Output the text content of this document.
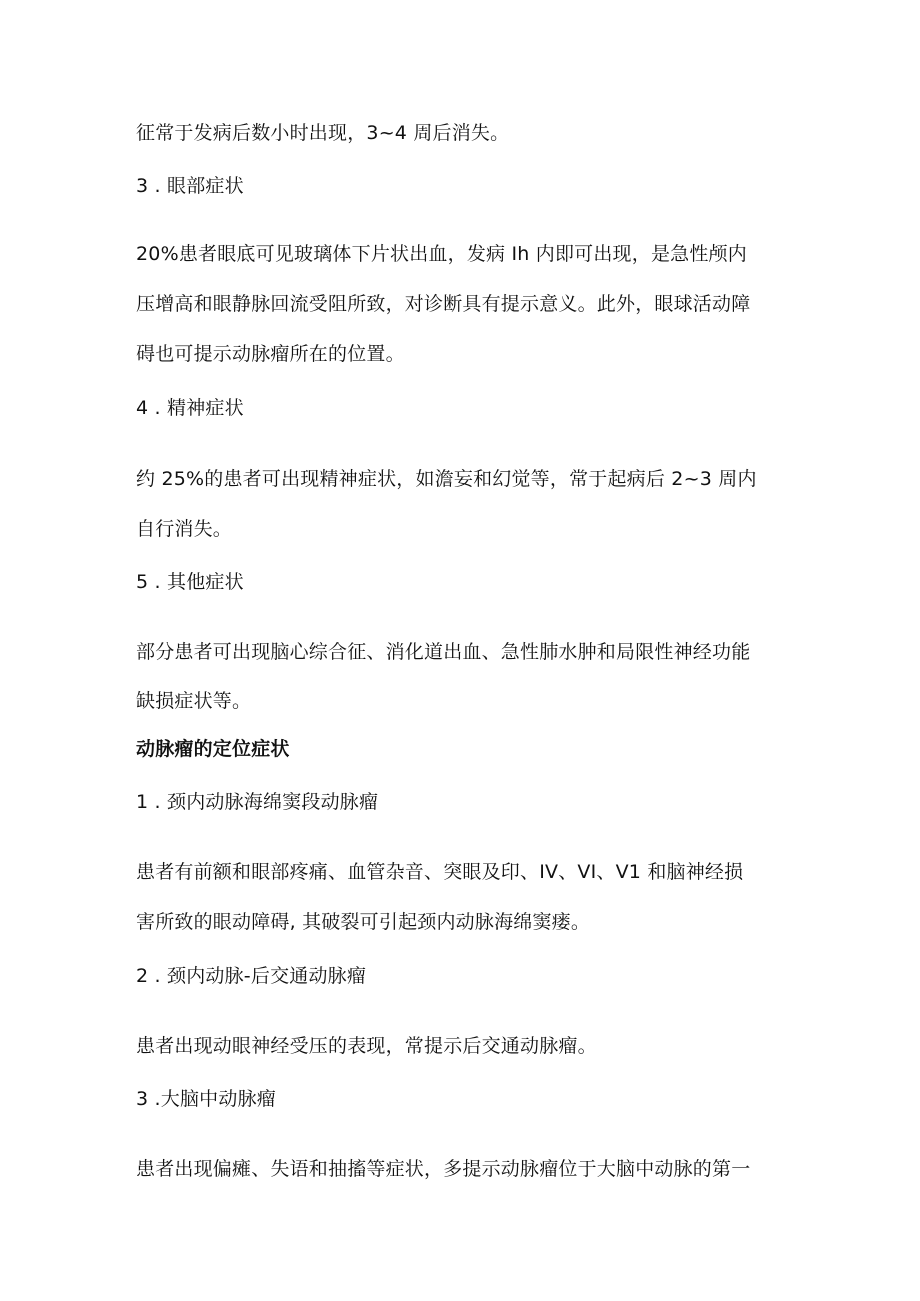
征常于发病后数小时出现，3~4 周后消失。

3 . 眼部症状

20%患者眼底可见玻璃体下片状出血，发病 Ih 内即可出现，是急性颅内

压增高和眼静脉回流受阻所致，对诊断具有提示意义。此外，眼球活动障

碍也可提示动脉瘤所在的位置。

4 . 精神症状

约 25%的患者可出现精神症状，如澹妄和幻觉等，常于起病后 2~3 周内

自行消失。

5 . 其他症状

部分患者可出现脑心综合征、消化道出血、急性肺水肿和局限性神经功能

缺损症状等。

动脉瘤的定位症状

1 . 颈内动脉海绵窦段动脉瘤

患者有前额和眼部疼痛、血管杂音、突眼及印、IV、VI、V1 和脑神经损

害所致的眼动障碍, 其破裂可引起颈内动脉海绵窦瘘。

2 . 颈内动脉-后交通动脉瘤

患者出现动眼神经受压的表现，常提示后交通动脉瘤。

3 .大脑中动脉瘤

患者出现偏瘫、失语和抽搐等症状，多提示动脉瘤位于大脑中动脉的第一
